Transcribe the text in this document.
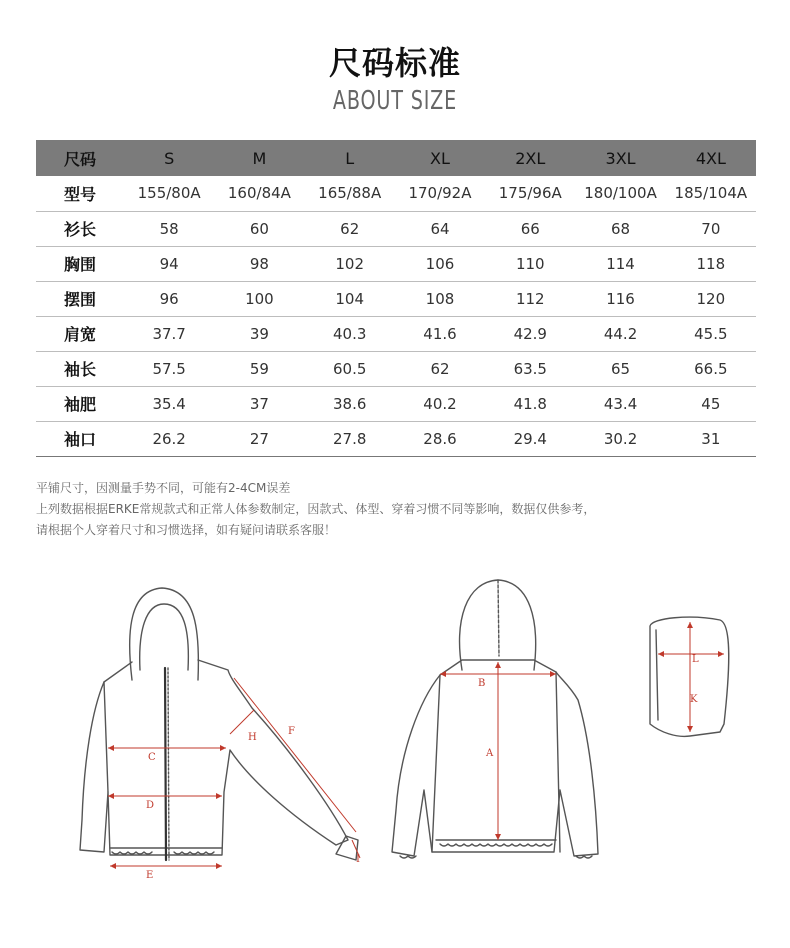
尺码标准
ABOUT SIZE
尺码	S	M	L	XL	2XL	3XL	4XL
型号	155/80A	160/84A	165/88A	170/92A	175/96A	180/100A	185/104A
衫长	58	60	62	64	66	68	70
胸围	94	98	102	106	110	114	118
摆围	96	100	104	108	112	116	120
肩宽	37.7	39	40.3	41.6	42.9	44.2	45.5
袖长	57.5	59	60.5	62	63.5	65	66.5
袖肥	35.4	37	38.6	40.2	41.8	43.4	45
袖口	26.2	27	27.8	28.6	29.4	30.2	31
平铺尺寸，因测量手势不同，可能有2-4CM误差
上列数据根据ERKE常规款式和正常人体参数制定，因款式、体型、穿着习惯不同等影响，数据仅供参考，
请根据个人穿着尺寸和习惯选择，如有疑问请联系客服！
C
D
E
F
H
I
B
A
L
K
